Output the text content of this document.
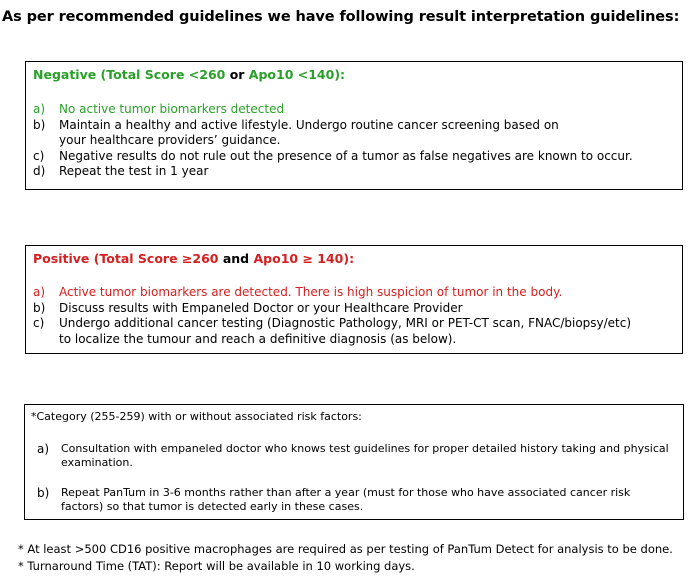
As per recommended guidelines we have following result interpretation guidelines:
Negative (Total Score <260 or Apo10 <140):
a) No active tumor biomarkers detected
b) Maintain a healthy and active lifestyle. Undergo routine cancer screening based on
your healthcare providers’ guidance.
c) Negative results do not rule out the presence of a tumor as false negatives are known to occur.
d) Repeat the test in 1 year
Positive (Total Score ≥260 and Apo10 ≥ 140):
a) Active tumor biomarkers are detected. There is high suspicion of tumor in the body.
b) Discuss results with Empaneled Doctor or your Healthcare Provider
c) Undergo additional cancer testing (Diagnostic Pathology, MRI or PET-CT scan, FNAC/biopsy/etc)
to localize the tumour and reach a definitive diagnosis (as below).
*Category (255-259) with or without associated risk factors:
a) Consultation with empaneled doctor who knows test guidelines for proper detailed history taking and physical examination.
b) Repeat PanTum in 3-6 months rather than after a year (must for those who have associated cancer risk factors) so that tumor is detected early in these cases.
* At least >500 CD16 positive macrophages are required as per testing of PanTum Detect for analysis to be done.
* Turnaround Time (TAT): Report will be available in 10 working days.
